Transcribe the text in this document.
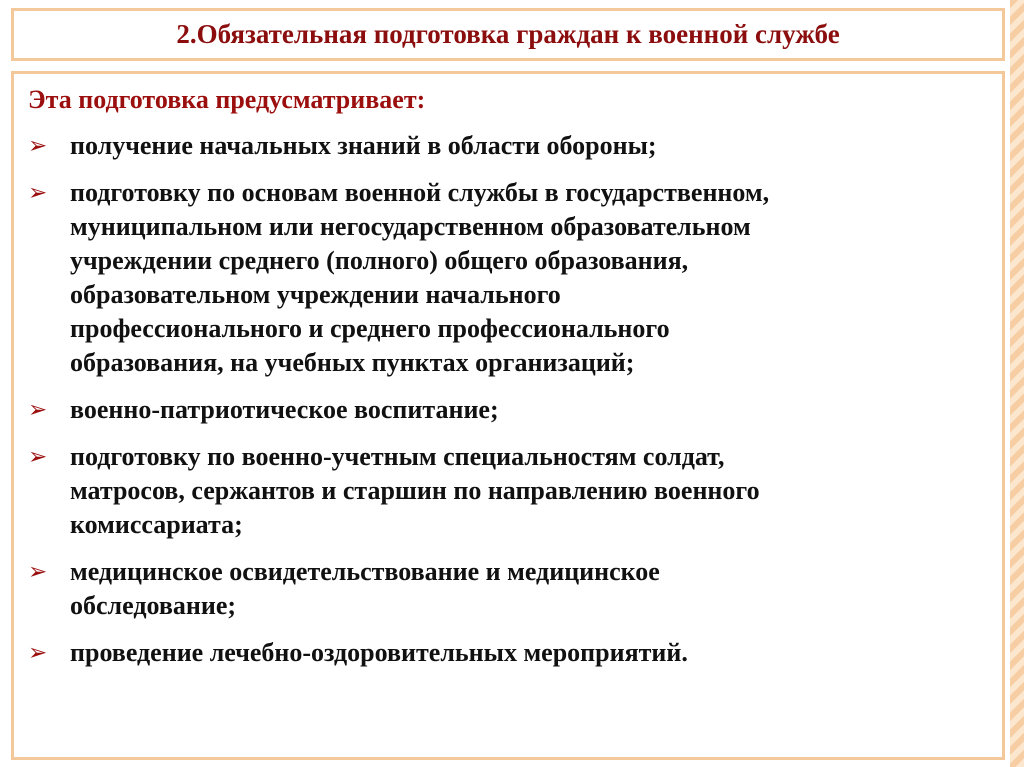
2.Обязательная подготовка граждан к военной службе
Эта подготовка предусматривает:
➢ получение начальных знаний в области обороны;
➢ подготовку по основам военной службы в государственном,
муниципальном или негосударственном образовательном
учреждении среднего (полного) общего образования,
образовательном учреждении начального
профессионального и среднего профессионального
образования, на учебных пунктах организаций;
➢ военно-патриотическое воспитание;
➢ подготовку по военно-учетным специальностям солдат,
матросов, сержантов и старшин по направлению военного
комиссариата;
➢ медицинское освидетельствование и медицинское
обследование;
➢ проведение лечебно-оздоровительных мероприятий.
